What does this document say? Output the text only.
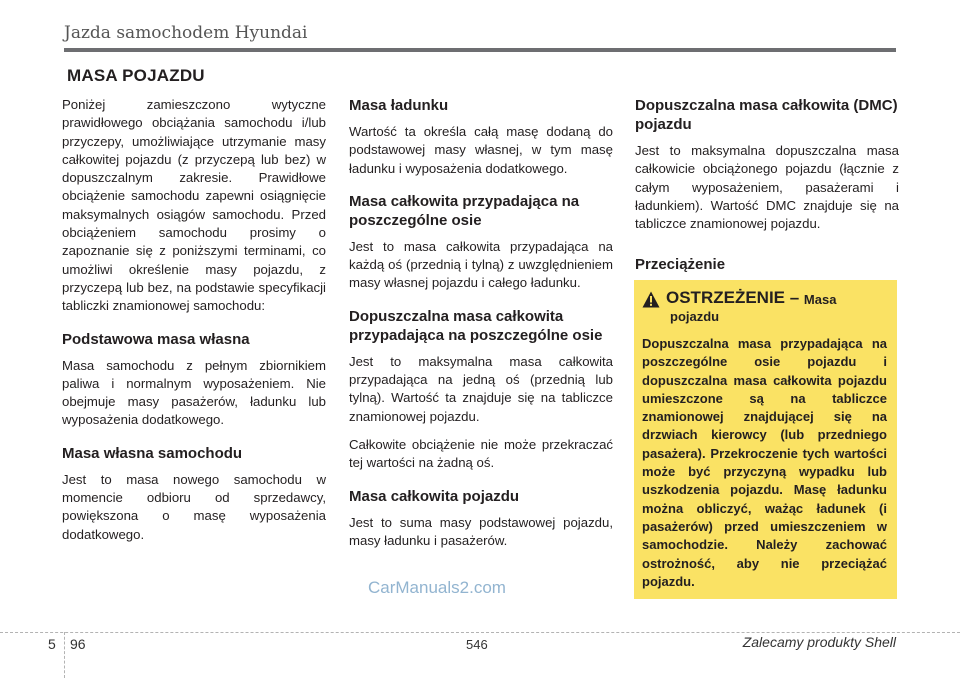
Jazda samochodem Hyundai
MASA POJAZDU

Poniżej zamieszczono wytyczne prawidłowego obciążania samochodu i/lub przyczepy, umożliwiające utrzymanie masy całkowitej pojazdu (z przyczepą lub bez) w dopuszczalnym zakresie. Prawidłowe obciążenie samochodu zapewni osiągnięcie maksymalnych osiągów samochodu. Przed obciążeniem samochodu prosimy o zapoznanie się z poniższymi terminami, co umożliwi określenie masy pojazdu, z przyczepą lub bez, na podstawie specyfikacji tabliczki znamionowej samochodu:

Podstawowa masa własna

Masa samochodu z pełnym zbiornikiem paliwa i normalnym wyposażeniem. Nie obejmuje masy pasażerów, ładunku lub wyposażenia dodatkowego.

Masa własna samochodu

Jest to masa nowego samochodu w momencie odbioru od sprzedawcy, powiększona o masę wyposażenia dodatkowego.

Masa ładunku

Wartość ta określa całą masę dodaną do podstawowej masy własnej, w tym masę ładunku i wyposażenia dodatkowego.

Masa całkowita przypadająca na poszczególne osie

Jest to masa całkowita przypadająca na każdą oś (przednią i tylną) z uwzględnieniem masy własnej pojazdu i całego ładunku.

Dopuszczalna masa całkowita przypadająca na poszczególne osie

Jest to maksymalna masa całkowita przypadająca na jedną oś (przednią lub tylną). Wartość ta znajduje się na tabliczce znamionowej pojazdu.

Całkowite obciążenie nie może przekraczać tej wartości na żadną oś.

Masa całkowita pojazdu

Jest to suma masy podstawowej pojazdu, masy ładunku i pasażerów.

Dopuszczalna masa całkowita (DMC) pojazdu

Jest to maksymalna dopuszczalna masa całkowicie obciążonego pojazdu (łącznie z całym wyposażeniem, pasażerami i ładunkiem). Wartość DMC znajduje się na tabliczce znamionowej pojazdu.

Przeciążenie
OSTRZEŻENIE – Masa
pojazdu

Dopuszczalna masa przypadająca na poszczególne osie pojazdu i dopuszczalna masa całkowita pojazdu umieszczone są na tabliczce znamionowej znajdującej się na drzwiach kierowcy (lub przedniego pasażera). Przekroczenie tych wartości może być przyczyną wypadku lub uszkodzenia pojazdu. Masę ładunku można obliczyć, ważąc ładunek (i pasażerów) przed umieszczeniem w samochodzie. Należy zachować ostrożność, aby nie przeciążać pojazdu.

CarManuals2.com
5 96	546	Zalecamy produkty Shell
